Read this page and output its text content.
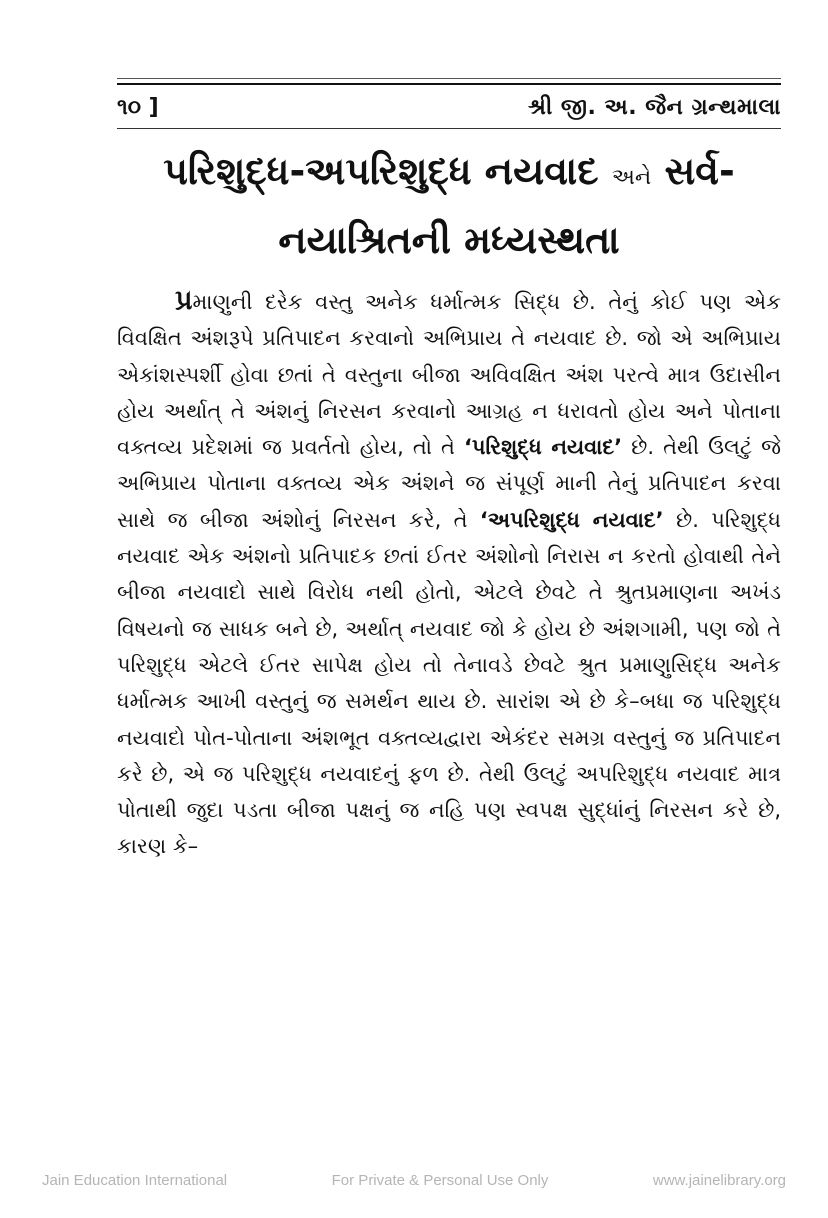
૧૦ ]	શ્રી જી. અ. જૈન ગ્રન્થમાલા
પરિશુદ્ધ-અપરિશુદ્ધ નયવાદ અને સર્વ-
નયાશ્રિતની મધ્યસ્થતા

પ્રમાણુની દરેક વસ્તુ અનેક ધર્માત્મક સિદ્ધ છે. તેનું કોઈ પણ એક વિવક્ષિત અંશરૂપે પ્રતિપાદન કરવાનો અભિપ્રાય તે નયવાદ છે. જો એ અભિપ્રાય એકાંશસ્પર્શી હોવા છતાં તે વસ્તુના બીજા અવિવક્ષિત અંશ પરત્વે માત્ર ઉદાસીન હોય અર્થાત્ તે અંશનું નિરસન કરવાનો આગ્રહ ન ધરાવતો હોય અને પોતાના વક્તવ્ય પ્રદેશમાં જ પ્રવર્તતો હોય, તો તે ‘પરિશુદ્ધ નયવાદ’ છે. તેથી ઉલટું જે અભિપ્રાય પોતાના વક્તવ્ય એક અંશને જ સંપૂર્ણ માની તેનું પ્રતિપાદન કરવા સાથે જ બીજા અંશોનું નિરસન કરે, તે ‘અપરિશુદ્ધ નયવાદ’ છે. પરિશુદ્ધ નયવાદ એક અંશનો પ્રતિપાદક છતાં ઈતર અંશોનો નિરાસ ન કરતો હોવાથી તેને બીજા નયવાદો સાથે વિરોધ નથી હોતો, એટલે છેવટે તે શ્રુતપ્રમાણના અખંડ વિષયનો જ સાધક બને છે, અર્થાત્ નયવાદ જો કે હોય છે અંશગામી, પણ જો તે પરિશુદ્ધ એટલે ઈતર સાપેક્ષ હોય તો તેનાવડે છેવટે શ્રુત પ્રમાણુસિદ્ધ અનેક ધર્માત્મક આખી વસ્તુનું જ સમર્થન થાય છે. સારાંશ એ છે કે–બધા જ પરિશુદ્ધ નયવાદો પોત-પોતાના અંશભૂત વક્તવ્યદ્વારા એકંદર સમગ્ર વસ્તુનું જ પ્રતિપાદન કરે છે, એ જ પરિશુદ્ધ નયવાદનું ફળ છે. તેથી ઉલટું અપરિશુદ્ધ નયવાદ માત્ર પોતાથી જુદા પડતા બીજા પક્ષનું જ નહિ પણ સ્વપક્ષ સુદ્ધાંનું નિરસન કરે છે, કારણ કે–

Jain Education International	For Private & Personal Use Only	www.jainelibrary.org
